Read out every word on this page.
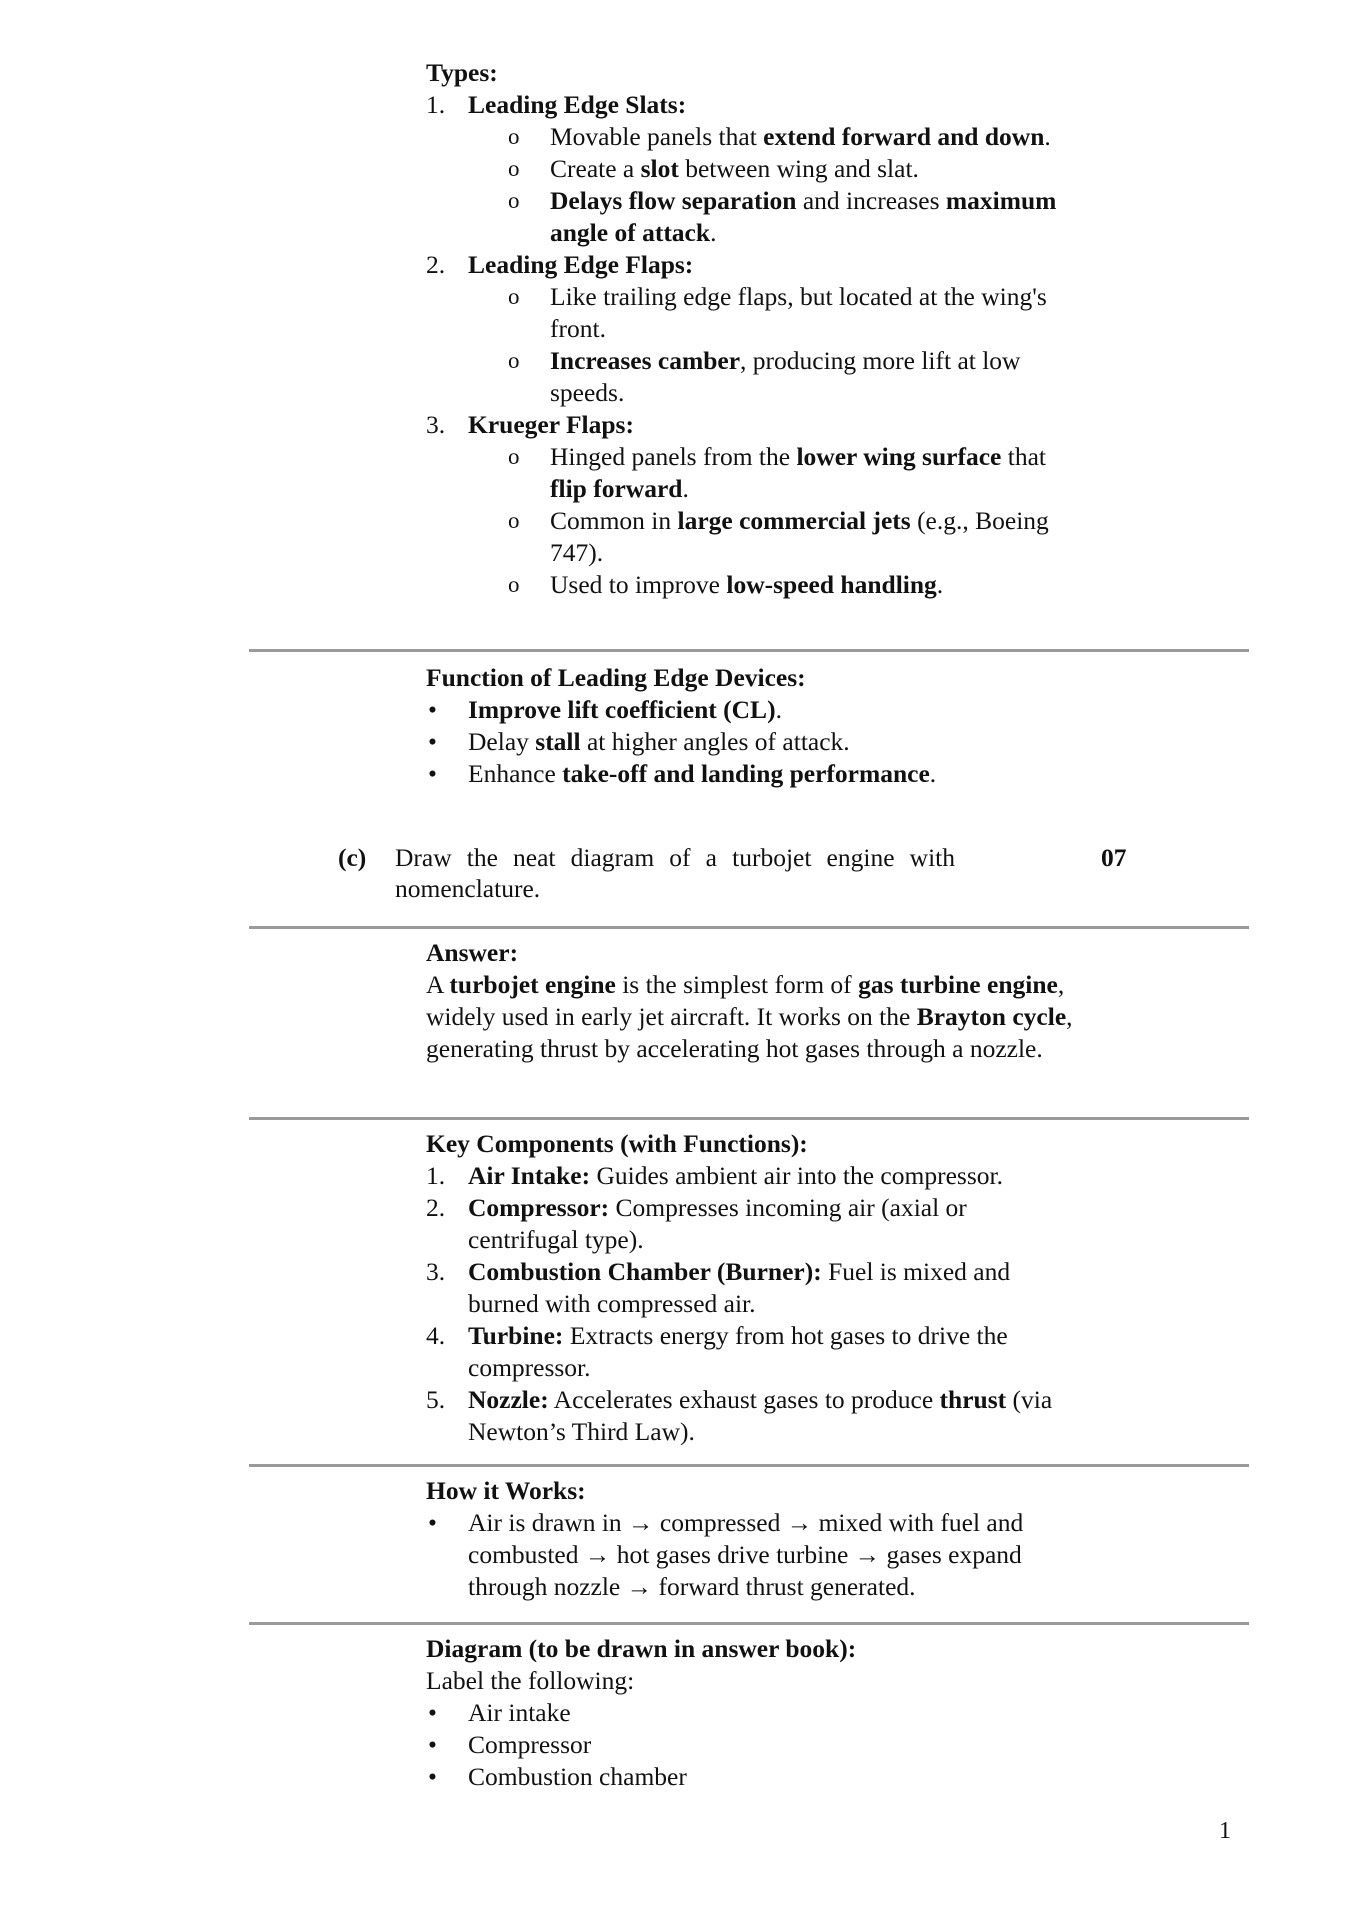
Types:

1. Leading Edge Slats:
o Movable panels that extend forward and down.
o Create a slot between wing and slat.
o Delays flow separation and increases maximum angle of attack.
2. Leading Edge Flaps:
o Like trailing edge flaps, but located at the wing's front.
o Increases camber, producing more lift at low speeds.
3. Krueger Flaps:
o Hinged panels from the lower wing surface that flip forward.
o Common in large commercial jets (e.g., Boeing 747).
o Used to improve low-speed handling.

Function of Leading Edge Devices:

• Improve lift coefficient (CL).
• Delay stall at higher angles of attack.
• Enhance take-off and landing performance.
(c) Draw the neat diagram of a turbojet engine with nomenclature.
07

Answer:

A turbojet engine is the simplest form of gas turbine engine, widely used in early jet aircraft. It works on the Brayton cycle, generating thrust by accelerating hot gases through a nozzle.

Key Components (with Functions):

1. Air Intake: Guides ambient air into the compressor.
2. Compressor: Compresses incoming air (axial or centrifugal type).
3. Combustion Chamber (Burner): Fuel is mixed and burned with compressed air.
4. Turbine: Extracts energy from hot gases to drive the compressor.
5. Nozzle: Accelerates exhaust gases to produce thrust (via Newton’s Third Law).

How it Works:

• Air is drawn in → compressed → mixed with fuel and combusted → hot gases drive turbine → gases expand through nozzle → forward thrust generated.

Diagram (to be drawn in answer book):

Label the following:

• Air intake
• Compressor
• Combustion chamber
1
